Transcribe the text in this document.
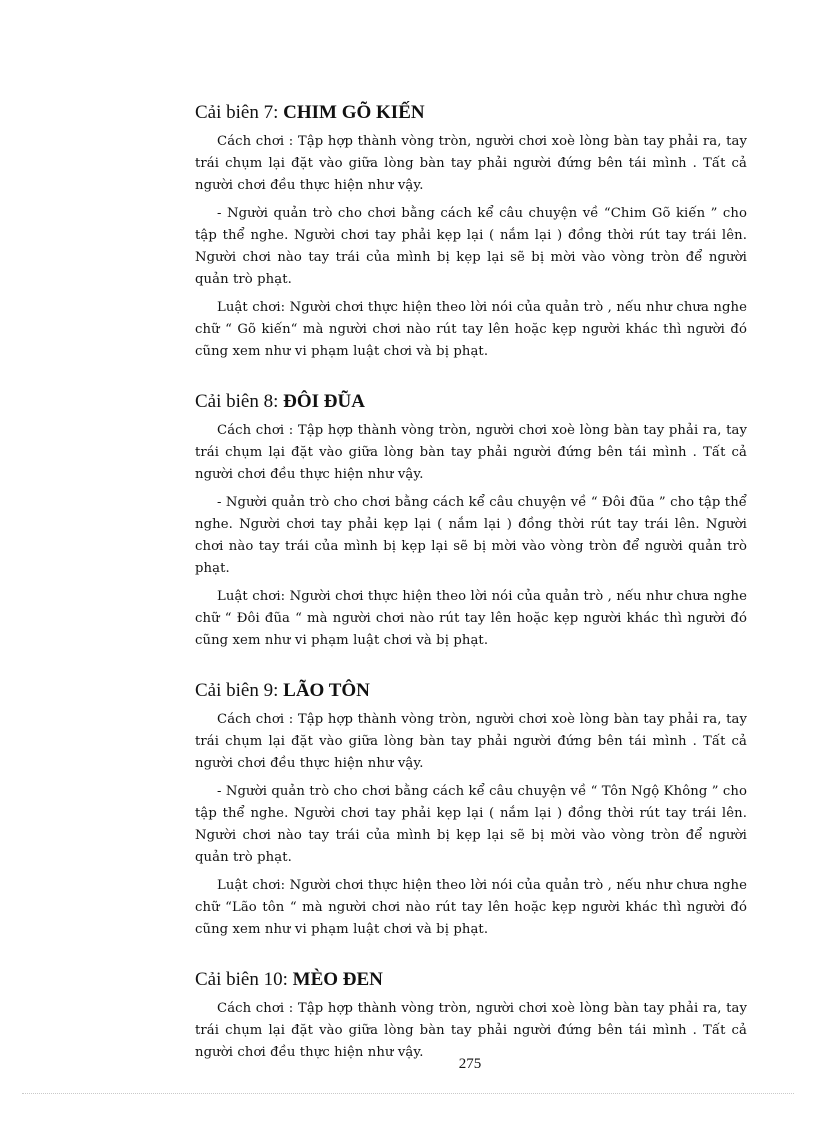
Cải biên 7: CHIM GÕ KIẾN

Cách chơi : Tập hợp thành vòng tròn, người chơi xoè lòng bàn tay phải ra, tay trái chụm lại đặt vào giữa lòng bàn tay phải người đứng bên tái mình . Tất cả người chơi đều thực hiện như vậy.

- Người quản trò cho chơi bằng cách kể câu chuyện về “Chim Gõ kiến ” cho tập thể nghe. Người chơi tay phải kẹp lại ( nắm lại ) đồng thời rút tay trái lên. Người chơi nào tay trái của mình bị kẹp lại sẽ bị mời vào vòng tròn để người quản trò phạt.

Luật chơi: Người chơi thực hiện theo lời nói của quản trò , nếu như chưa nghe chữ “ Gõ kiến“ mà người chơi nào rút tay lên hoặc kẹp người khác thì người đó cũng xem như vi phạm luật chơi và bị phạt.

Cải biên 8: ĐÔI ĐŨA

Cách chơi : Tập hợp thành vòng tròn, người chơi xoè lòng bàn tay phải ra, tay trái chụm lại đặt vào giữa lòng bàn tay phải người đứng bên tái mình . Tất cả người chơi đều thực hiện như vậy.

- Người quản trò cho chơi bằng cách kể câu chuyện về “ Đôi đũa ” cho tập thể nghe. Người chơi tay phải kẹp lại ( nắm lại ) đồng thời rút tay trái lên. Người chơi nào tay trái của mình bị kẹp lại sẽ bị mời vào vòng tròn để người quản trò phạt.

Luật chơi: Người chơi thực hiện theo lời nói của quản trò , nếu như chưa nghe chữ “ Đôi đũa “ mà người chơi nào rút tay lên hoặc kẹp người khác thì người đó cũng xem như vi phạm luật chơi và bị phạt.

Cải biên 9: LÃO TÔN

Cách chơi : Tập hợp thành vòng tròn, người chơi xoè lòng bàn tay phải ra, tay trái chụm lại đặt vào giữa lòng bàn tay phải người đứng bên tái mình . Tất cả người chơi đều thực hiện như vậy.

- Người quản trò cho chơi bằng cách kể câu chuyện về “ Tôn Ngộ Không ” cho tập thể nghe. Người chơi tay phải kẹp lại ( nắm lại ) đồng thời rút tay trái lên. Người chơi nào tay trái của mình bị kẹp lại sẽ bị mời vào vòng tròn để người quản trò phạt.

Luật chơi: Người chơi thực hiện theo lời nói của quản trò , nếu như chưa nghe chữ “Lão tôn “ mà người chơi nào rút tay lên hoặc kẹp người khác thì người đó cũng xem như vi phạm luật chơi và bị phạt.

Cải biên 10: MÈO ĐEN

Cách chơi : Tập hợp thành vòng tròn, người chơi xoè lòng bàn tay phải ra, tay trái chụm lại đặt vào giữa lòng bàn tay phải người đứng bên tái mình . Tất cả người chơi đều thực hiện như vậy.

275
